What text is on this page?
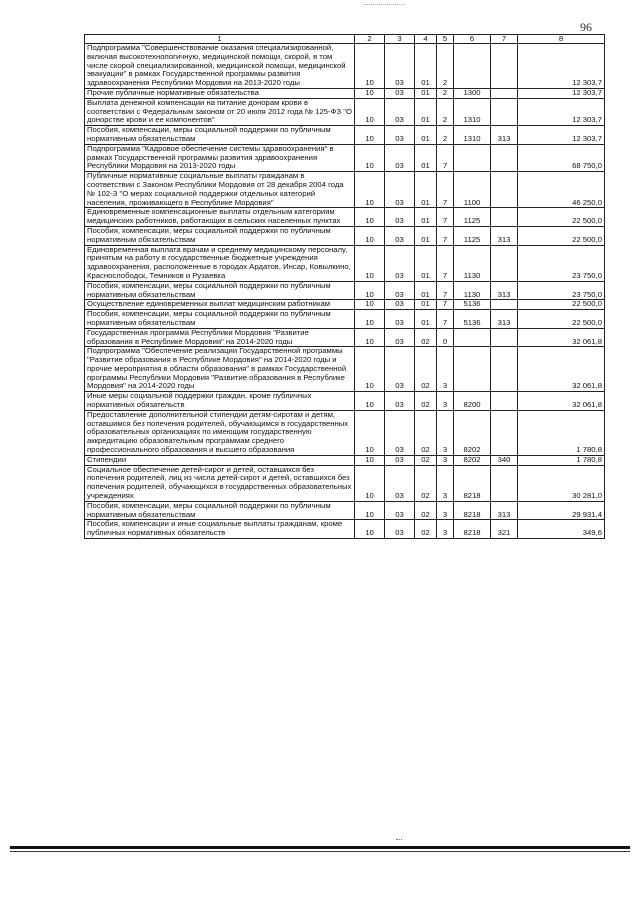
96
1	2	3	4	5	6	7	8
Подпрограмма "Совершенствование оказания специализированной, включая высокотехнологичную, медицинской помощи, скорой, в том числе скорой специализированной, медицинской помощи, медицинской эвакуации" в рамках Государственной программы развития здравоохранения Республики Мордовия на 2013-2020 годы	10	03	01	2			12 303,7
Прочие публичные нормативные обязательства	10	03	01	2	1300		12 303,7
Выплата денежной компенсации на питание донорам крови в соответствии с Федеральным законом от 20 июля 2012 года № 125-ФЗ "О донорстве крови и ее компонентов"	10	03	01	2	1310		12 303,7
Пособия, компенсации, меры социальной поддержки по публичным нормативным обязательствам	10	03	01	2	1310	313	12 303,7
Подпрограмма "Кадровое обеспечение системы здравоохранения" в рамках Государственной программы развития здравоохранения Республики Мордовия на 2013-2020 годы	10	03	01	7			68 750,0
Публичные нормативные социальные выплаты гражданам в соответствии с Законом Республики Мордовия от 28 декабря 2004 года № 102-З "О мерах социальной поддержки отдельных категорий населения, проживающего в Республике Мордовия"	10	03	01	7	1100		46 250,0
Единовременные компенсационные выплаты отдельным категориям медицинских работников, работающих в сельских населенных пунктах	10	03	01	7	1125		22 500,0
Пособия, компенсации, меры социальной поддержки по публичным нормативным обязательствам	10	03	01	7	1125	313	22 500,0
Единовременная выплата врачам и среднему медицинскому персоналу, принятым на работу в государственные бюджетные учреждения здравоохранения, расположенные в городах Ардатов, Инсар, Ковылкино, Краснослободск, Темников и Рузаевка	10	03	01	7	1130		23 750,0
Пособия, компенсации, меры социальной поддержки по публичным нормативным обязательствам	10	03	01	7	1130	313	23 750,0
Осуществление единовременных выплат медицинским работникам	10	03	01	7	5136		22 500,0
Пособия, компенсации, меры социальной поддержки по публичным нормативным обязательствам	10	03	01	7	5136	313	22 500,0
Государственная программа Республики Мордовия "Развитие образования в Республике Мордовия" на 2014-2020 годы	10	03	02	0			32 061,8
Подпрограмма "Обеспечение реализации Государственной программы "Развитие образования в Республике Мордовия" на 2014-2020 годы и прочие мероприятия в области образования" в рамках Государственной программы Республики Мордовия "Развитие образования в Республике Мордовия" на 2014-2020 годы	10	03	02	3			32 061,8
Иные меры социальной поддержки граждан, кроме публичных нормативных обязательств	10	03	02	3	8200		32 061,8
Предоставление дополнительной стипендии детям-сиротам и детям, оставшимся без попечения родителей, обучающимся в государственных образовательных организациях по имеющим государственную аккредитацию образовательным программам среднего профессионального образования и высшего образования	10	03	02	3	8202		1 780,8
Стипендии	10	03	02	3	8202	340	1 780,8
Социальное обеспечение детей-сирот и детей, оставшихся без попечения родителей, лиц из числа детей-сирот и детей, оставшихся без попечения родителей, обучающихся в государственных образовательных учреждениях	10	03	02	3	8218		30 281,0
Пособия, компенсации, меры социальной поддержки по публичным нормативным обязательствам	10	03	02	3	8218	313	29 931,4
Пособия, компенсации и иные социальные выплаты гражданам, кроме публичных нормативных обязательств	10	03	02	3	8218	321	349,6
